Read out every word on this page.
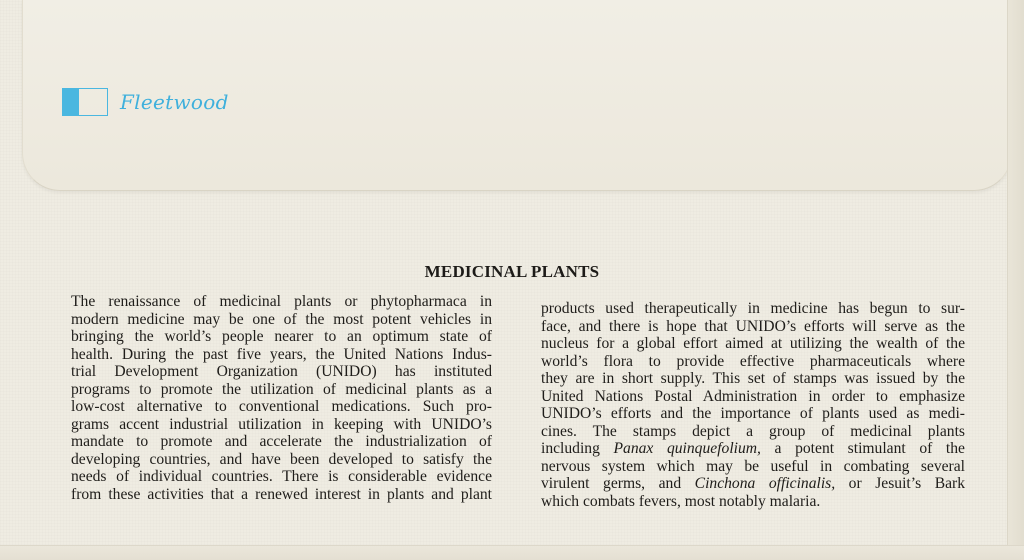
Fleetwood
MEDICINAL PLANTS
The renaissance of medicinal plants or phytopharmaca in
modern medicine may be one of the most potent vehicles in
bringing the world’s people nearer to an optimum state of
health. During the past five years, the United Nations Indus-
trial Development Organization (UNIDO) has instituted
programs to promote the utilization of medicinal plants as a
low-cost alternative to conventional medications. Such pro-
grams accent industrial utilization in keeping with UNIDO’s
mandate to promote and accelerate the industrialization of
developing countries, and have been developed to satisfy the
needs of individual countries. There is considerable evidence
from these activities that a renewed interest in plants and plant
products used therapeutically in medicine has begun to sur-
face, and there is hope that UNIDO’s efforts will serve as the
nucleus for a global effort aimed at utilizing the wealth of the
world’s flora to provide effective pharmaceuticals where
they are in short supply. This set of stamps was issued by the
United Nations Postal Administration in order to emphasize
UNIDO’s efforts and the importance of plants used as medi-
cines. The stamps depict a group of medicinal plants
including Panax quinquefolium, a potent stimulant of the
nervous system which may be useful in combating several
virulent germs, and Cinchona officinalis, or Jesuit’s Bark
which combats fevers, most notably malaria.
